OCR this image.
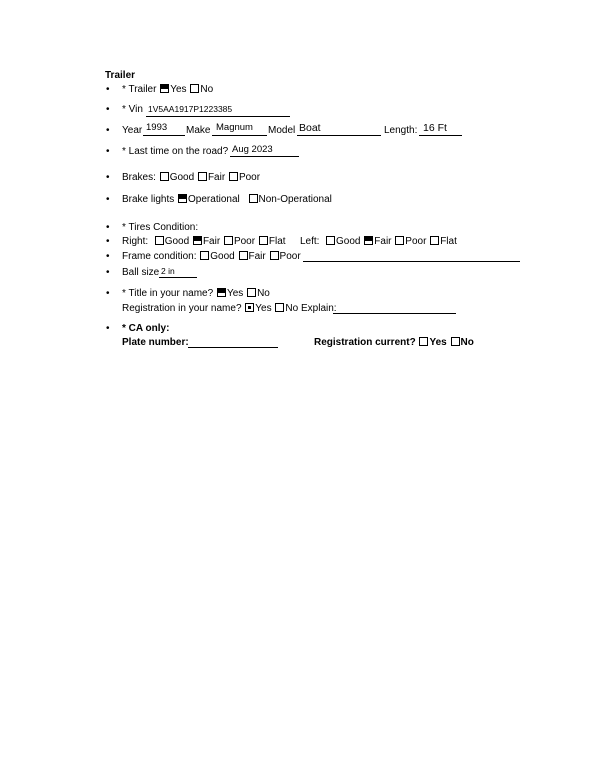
Trailer
• * Trailer Yes No
• * Vin 1V5AA1917P1223385
• Year 1993 Make Magnum Model Boat	Length: 16 Ft
• * Last time on the road? Aug 2023
• Brakes: Good Fair Poor
• Brake lights Operational Non-Operational
• * Tires Condition:
• Right: Good Fair Poor Flat Left: Good Fair Poor Flat
• Frame condition: Good Fair Poor
• Ball size 2 in
• * Title in your name? Yes No
Registration in your name? Yes No Explain:
• * CA only:
Plate number:	Registration current? Yes No
